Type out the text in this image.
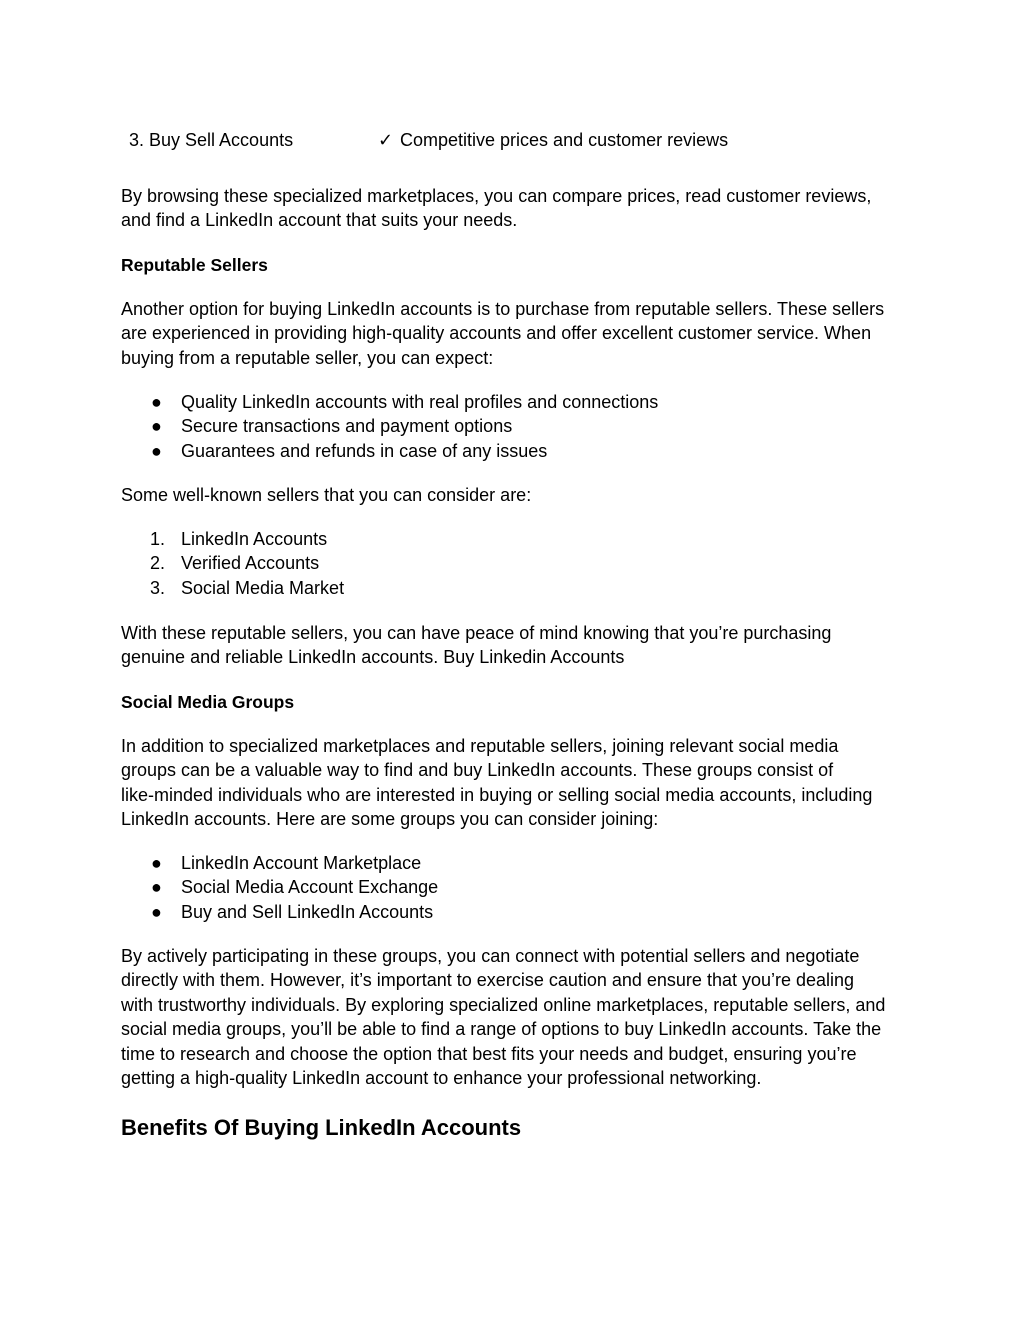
3. Buy Sell Accounts	✓ Competitive prices and customer reviews

By browsing these specialized marketplaces, you can compare prices, read customer reviews,
and find a LinkedIn account that suits your needs.

Reputable Sellers

Another option for buying LinkedIn accounts is to purchase from reputable sellers. These sellers
are experienced in providing high-quality accounts and offer excellent customer service. When
buying from a reputable seller, you can expect:

●	Quality LinkedIn accounts with real profiles and connections
●	Secure transactions and payment options
●	Guarantees and refunds in case of any issues

Some well-known sellers that you can consider are:

1. LinkedIn Accounts
2. Verified Accounts
3. Social Media Market

With these reputable sellers, you can have peace of mind knowing that you’re purchasing
genuine and reliable LinkedIn accounts. Buy Linkedin Accounts

Social Media Groups

In addition to specialized marketplaces and reputable sellers, joining relevant social media
groups can be a valuable way to find and buy LinkedIn accounts. These groups consist of
like-minded individuals who are interested in buying or selling social media accounts, including
LinkedIn accounts. Here are some groups you can consider joining:

●	LinkedIn Account Marketplace
●	Social Media Account Exchange
●	Buy and Sell LinkedIn Accounts

By actively participating in these groups, you can connect with potential sellers and negotiate
directly with them. However, it’s important to exercise caution and ensure that you’re dealing
with trustworthy individuals. By exploring specialized online marketplaces, reputable sellers, and
social media groups, you’ll be able to find a range of options to buy LinkedIn accounts. Take the
time to research and choose the option that best fits your needs and budget, ensuring you’re
getting a high-quality LinkedIn account to enhance your professional networking.

Benefits Of Buying LinkedIn Accounts
